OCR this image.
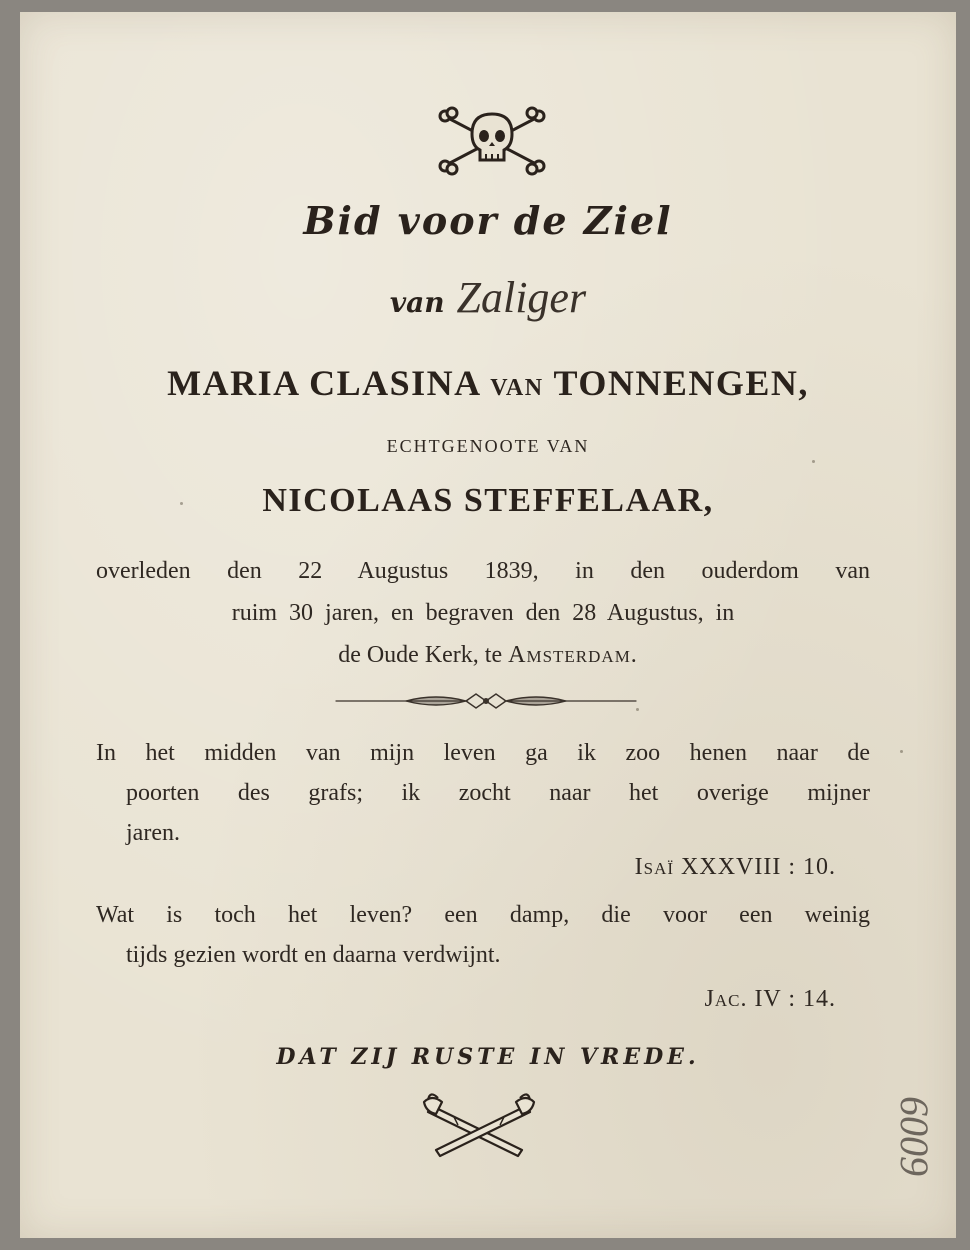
Bid voor de Ziel
van Zaliger
MARIA CLASINA VAN TONNENGEN,
ECHTGENOOTE VAN
NICOLAAS STEFFELAAR,
overleden den 22 Augustus 1839, in den ouderdom van
ruim 30 jaren, en begraven den 28 Augustus, in
de Oude Kerk, te Amsterdam.
In het midden van mijn leven ga ik zoo henen naar de
poorten des grafs; ik zocht naar het overige mijner
jaren.
Isaï XXXVIII : 10.
Wat is toch het leven? een damp, die voor een weinig
tijds gezien wordt en daarna verdwijnt.
Jac. IV : 14.
DAT ZIJ RUSTE IN VREDE.
6009
